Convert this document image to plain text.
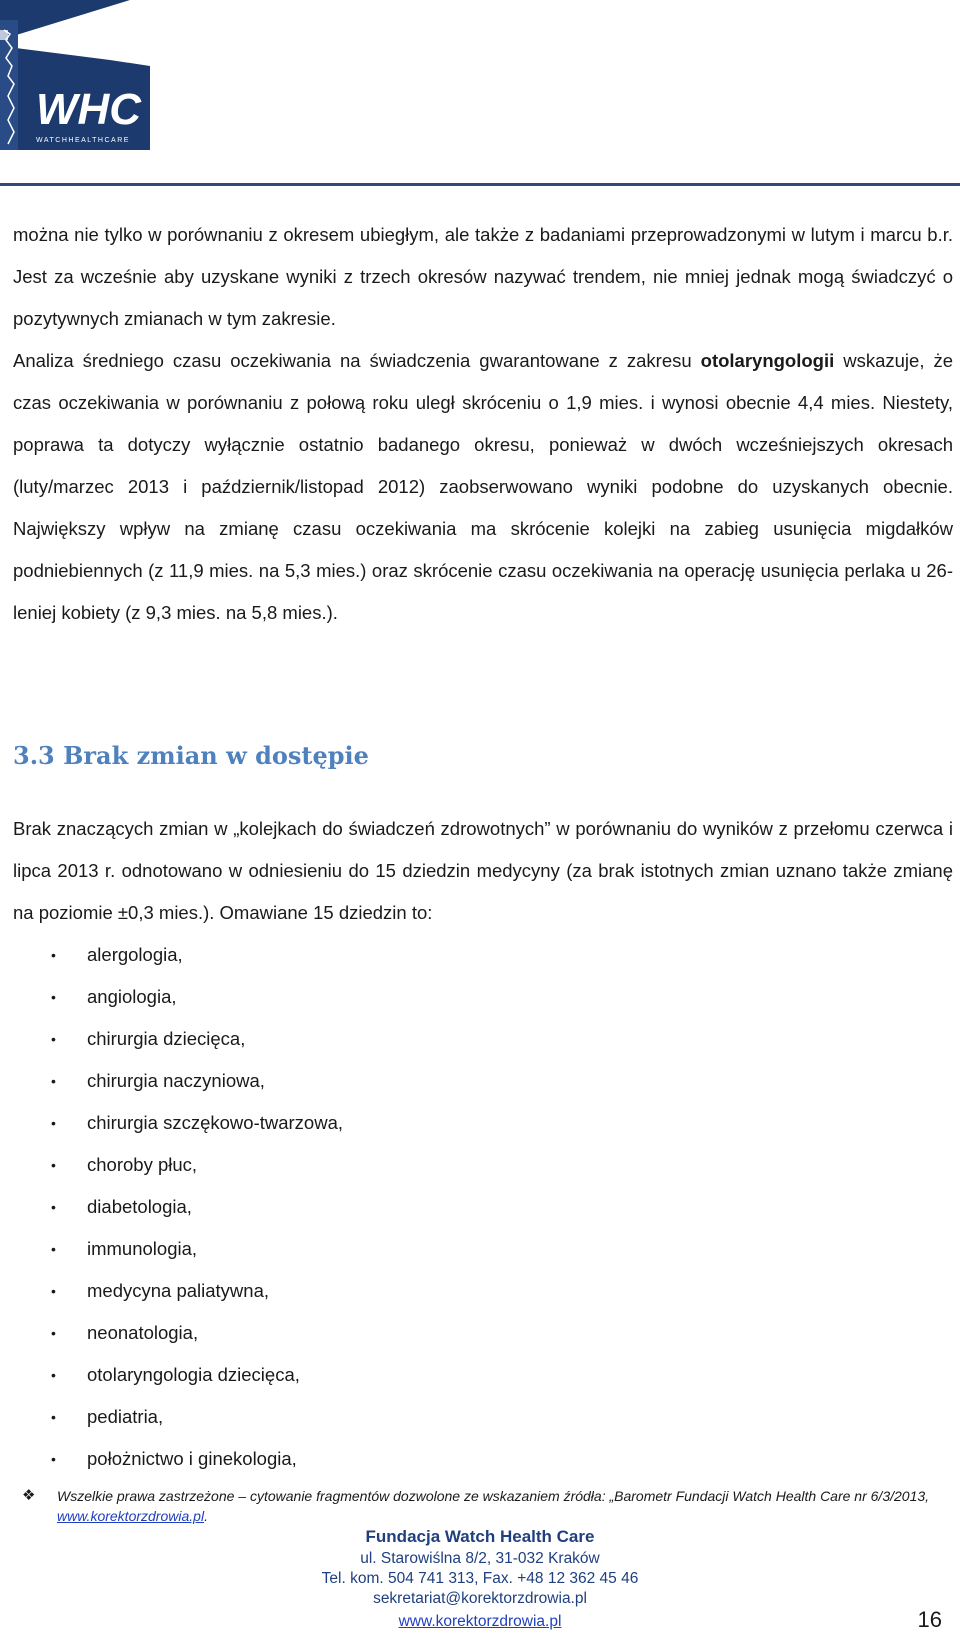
WHC
WATCHHEALTHCARE

można nie tylko w porównaniu z okresem ubiegłym, ale także z badaniami przeprowadzonymi w lutym i marcu b.r. Jest za wcześnie aby uzyskane wyniki z trzech okresów nazywać trendem, nie mniej jednak mogą świadczyć o pozytywnych zmianach w tym zakresie.

Analiza średniego czasu oczekiwania na świadczenia gwarantowane z zakresu otolaryngologii wskazuje, że czas oczekiwania w porównaniu z połową roku uległ skróceniu o 1,9 mies. i wynosi obecnie 4,4 mies. Niestety, poprawa ta dotyczy wyłącznie ostatnio badanego okresu, ponieważ w dwóch wcześniejszych okresach (luty/marzec 2013 i październik/listopad 2012) zaobserwowano wyniki podobne do uzyskanych obecnie. Największy wpływ na zmianę czasu oczekiwania ma skrócenie kolejki na zabieg usunięcia migdałków podniebiennych (z 11,9 mies. na 5,3 mies.) oraz skrócenie czasu oczekiwania na operację usunięcia perlaka u 26-leniej kobiety (z 9,3 mies. na 5,8 mies.).

3.3 Brak zmian w dostępie

Brak znaczących zmian w „kolejkach do świadczeń zdrowotnych” w porównaniu do wyników z przełomu czerwca i lipca 2013 r. odnotowano w odniesieniu do 15 dziedzin medycyny (za brak istotnych zmian uznano także zmianę na poziomie ±0,3 mies.). Omawiane 15 dziedzin to:

• alergologia,
• angiologia,
• chirurgia dziecięca,
• chirurgia naczyniowa,
• chirurgia szczękowo-twarzowa,
• choroby płuc,
• diabetologia,
• immunologia,
• medycyna paliatywna,
• neonatologia,
• otolaryngologia dziecięca,
• pediatria,
• położnictwo i ginekologia,
❖ Wszelkie prawa zastrzeżone – cytowanie fragmentów dozwolone ze wskazaniem źródła: „Barometr Fundacji Watch Health Care nr 6/3/2013, www.korektorzdrowia.pl.
Fundacja Watch Health Care
ul. Starowiślna 8/2, 31-032 Kraków
Tel. kom. 504 741 313, Fax. +48 12 362 45 46
sekretariat@korektorzdrowia.pl
www.korektorzdrowia.pl	16
